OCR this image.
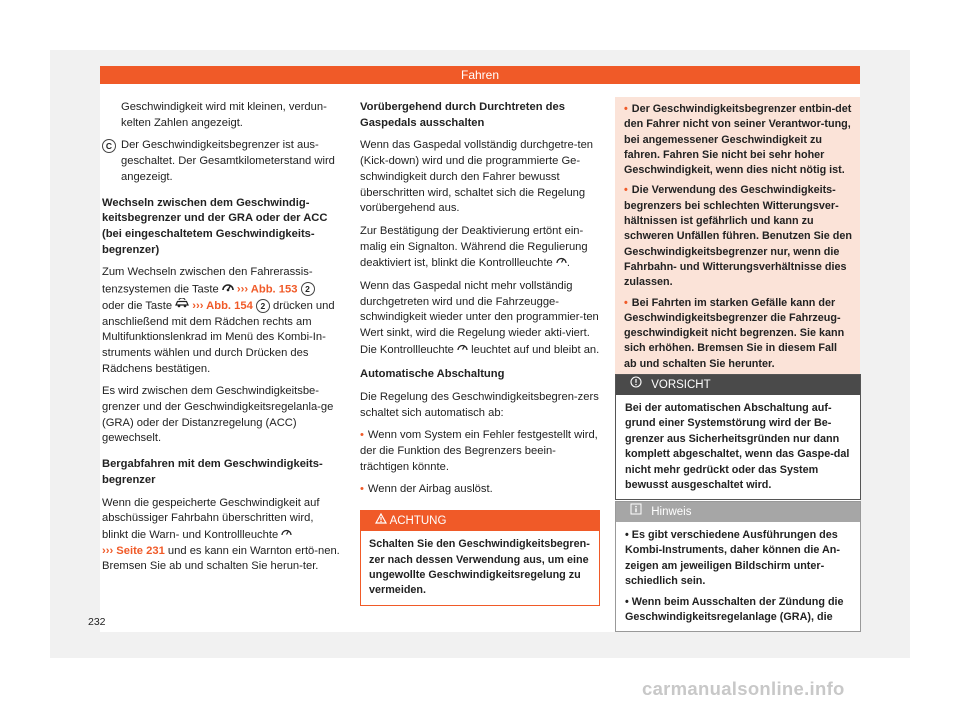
Fahren

Geschwindigkeit wird mit kleinen, verdun-kelten Zahlen angezeigt.

C Der Geschwindigkeitsbegrenzer ist aus-geschaltet. Der Gesamtkilometerstand wird angezeigt.

Wechseln zwischen dem Geschwindig-keitsbegrenzer und der GRA oder der ACC (bei eingeschaltetem Geschwindigkeits-begrenzer)

Zum Wechseln zwischen den Fahrerassis-tenzsystemen die Taste ››› Abb. 153 2 oder die Taste ››› Abb. 154 2 drücken und anschließend mit dem Rädchen rechts am Multifunktionslenkrad im Menü des Kombi-In-struments wählen und durch Drücken des Rädchens bestätigen.

Es wird zwischen dem Geschwindigkeitsbe-grenzer und der Geschwindigkeitsregelanla-ge (GRA) oder der Distanzregelung (ACC) gewechselt.

Bergabfahren mit dem Geschwindigkeits-begrenzer

Wenn die gespeicherte Geschwindigkeit auf abschüssiger Fahrbahn überschritten wird, blinkt die Warn- und Kontrollleuchte
››› Seite 231 und es kann ein Warnton ertö-nen. Bremsen Sie ab und schalten Sie herun-ter.

Vorübergehend durch Durchtreten des Gaspedals ausschalten

Wenn das Gaspedal vollständig durchgetre-ten (Kick-down) wird und die programmierte Ge-schwindigkeit durch den Fahrer bewusst überschritten wird, schaltet sich die Regelung vorübergehend aus.

Zur Bestätigung der Deaktivierung ertönt ein-malig ein Signalton. Während die Regulierung deaktiviert ist, blinkt die Kontrollleuchte .

Wenn das Gaspedal nicht mehr vollständig durchgetreten wird und die Fahrzeugge-schwindigkeit wieder unter den programmier-ten Wert sinkt, wird die Regelung wieder akti-viert. Die Kontrollleuchte leuchtet auf und bleibt an.

Automatische Abschaltung

Die Regelung des Geschwindigkeitsbegren-zers schaltet sich automatisch ab:

• Wenn vom System ein Fehler festgestellt wird, der die Funktion des Begrenzers beein-trächtigen könnte.

• Wenn der Airbag auslöst.

ACHTUNG
Schalten Sie den Geschwindigkeitsbegren-zer nach dessen Verwendung aus, um eine ungewollte Geschwindigkeitsregelung zu vermeiden.

• Der Geschwindigkeitsbegrenzer entbin-det den Fahrer nicht von seiner Verantwor-tung, bei angemessener Geschwindigkeit zu fahren. Fahren Sie nicht bei sehr hoher Geschwindigkeit, wenn dies nicht nötig ist.

• Die Verwendung des Geschwindigkeits-begrenzers bei schlechten Witterungsver-hältnissen ist gefährlich und kann zu schweren Unfällen führen. Benutzen Sie den Geschwindigkeitsbegrenzer nur, wenn die Fahrbahn- und Witterungsverhältnisse dies zulassen.

• Bei Fahrten im starken Gefälle kann der Geschwindigkeitsbegrenzer die Fahrzeug-geschwindigkeit nicht begrenzen. Sie kann sich erhöhen. Bremsen Sie in diesem Fall ab und schalten Sie herunter.

VORSICHT
Bei der automatischen Abschaltung auf-grund einer Systemstörung wird der Be-grenzer aus Sicherheitsgründen nur dann komplett abgeschaltet, wenn das Gaspe-dal nicht mehr gedrückt oder das System bewusst ausgeschaltet wird.
Hinweis

• Es gibt verschiedene Ausführungen des Kombi-Instruments, daher können die An-zeigen am jeweiligen Bildschirm unter-schiedlich sein.

• Wenn beim Ausschalten der Zündung die Geschwindigkeitsregelanlage (GRA), die

232
carmanualsonline.info
